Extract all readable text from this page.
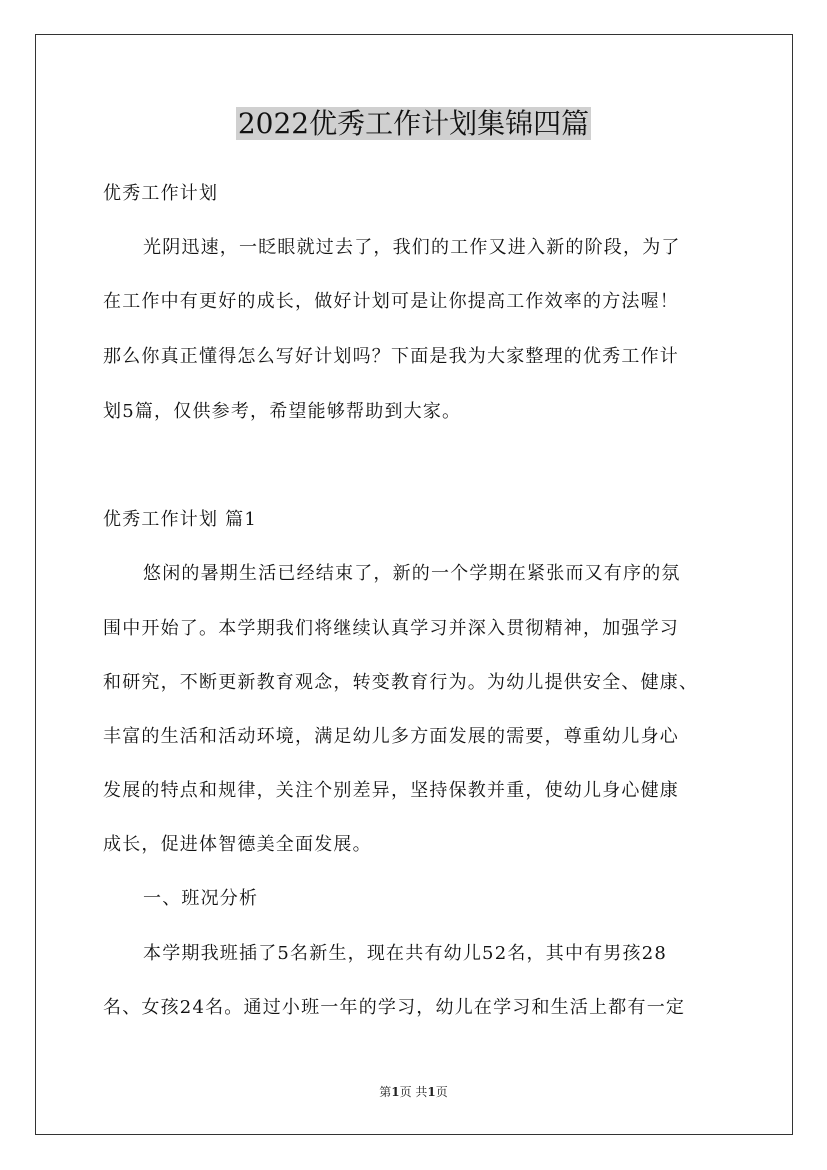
2022优秀工作计划集锦四篇
优秀工作计划
光阴迅速，一眨眼就过去了，我们的工作又进入新的阶段，为了
在工作中有更好的成长，做好计划可是让你提高工作效率的方法喔！
那么你真正懂得怎么写好计划吗？下面是我为大家整理的优秀工作计
划5篇，仅供参考，希望能够帮助到大家。
优秀工作计划 篇1
悠闲的暑期生活已经结束了，新的一个学期在紧张而又有序的氛
围中开始了。本学期我们将继续认真学习并深入贯彻精神，加强学习
和研究，不断更新教育观念，转变教育行为。为幼儿提供安全、健康、
丰富的生活和活动环境，满足幼儿多方面发展的需要，尊重幼儿身心
发展的特点和规律，关注个别差异，坚持保教并重，使幼儿身心健康
成长，促进体智德美全面发展。
一、班况分析
本学期我班插了5名新生，现在共有幼儿52名，其中有男孩28
名、女孩24名。通过小班一年的学习，幼儿在学习和生活上都有一定
第1页 共1页
